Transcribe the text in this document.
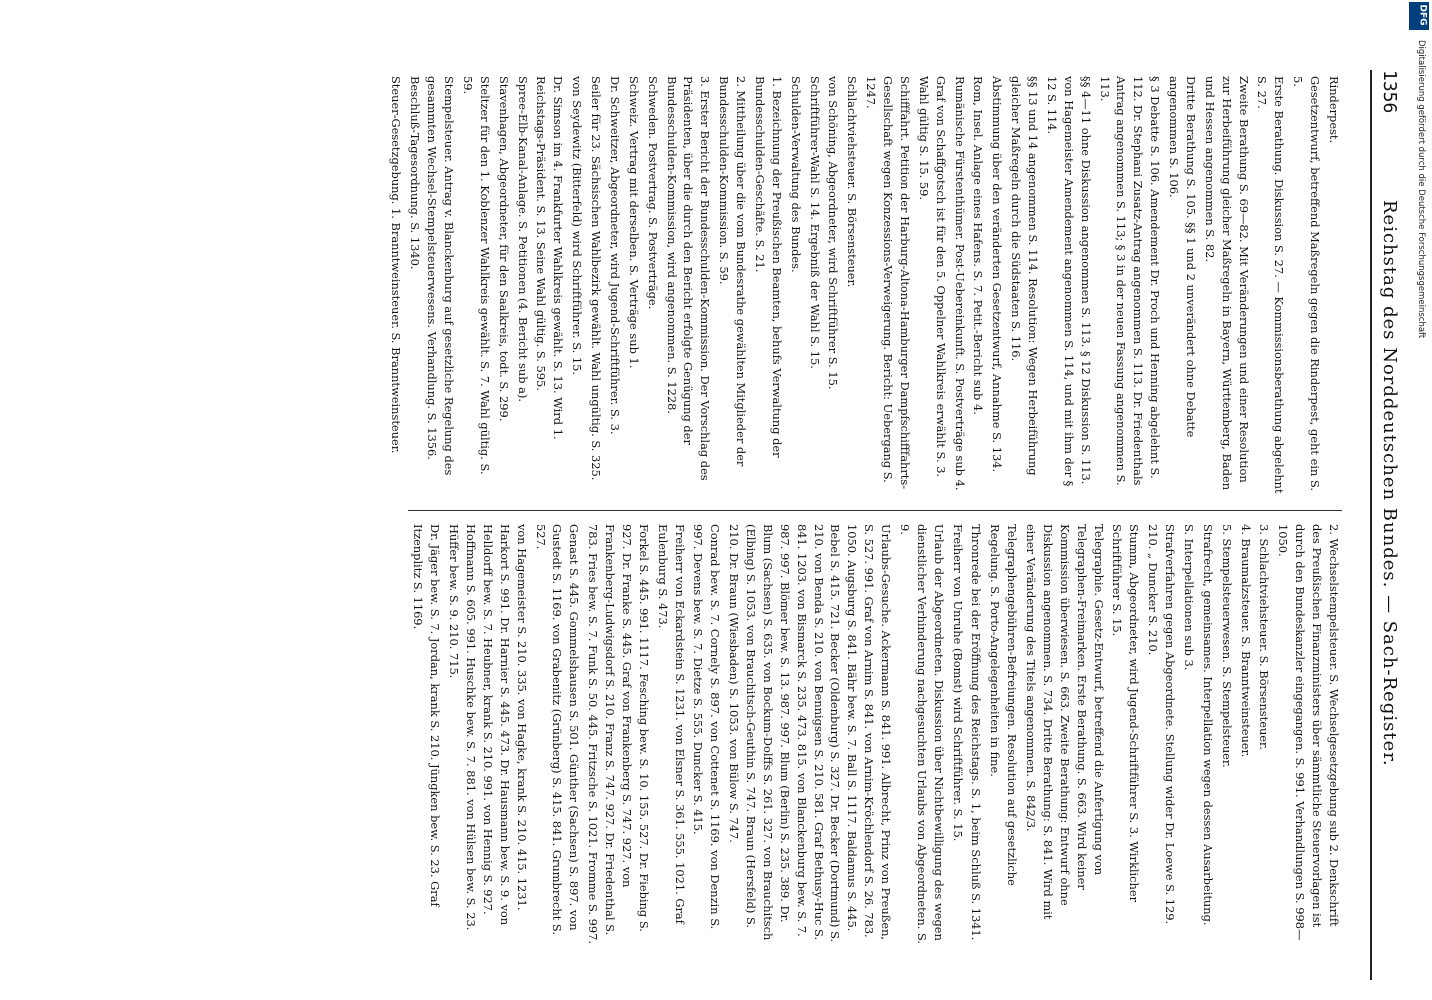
1356
Reichstag des Norddeutschen Bundes. — Sach-Register.
Rinderpest.
Gesetzentwurf, betreffend Maßregeln gegen die Rinderpest, geht ein S. 5.
Erste Berathung. Diskussion S. 27. — Kommissionsberathung abgelehnt S. 27.
Zweite Berathung S. 69—82. Mit Veränderungen und einer Resolution zur Herbeiführung gleicher Maßregeln in Bayern, Württemberg, Baden und Hessen angenommen S. 82.
Dritte Berathung S. 105. §§ 1 und 2 unverändert ohne Debatte angenommen S. 106.
§ 3 Debatte S. 106. Amendement Dr. Proch und Henning abgelehnt S. 112. Dr. Stephani Zusatz-Antrag angenommen S. 113. Dr. Friedenthals Antrag angenommen S. 113; § 3 in der neuen Fassung angenommen S. 113.
§§ 4—11 ohne Diskussion angenommen S. 113. § 12 Diskussion S. 113. von Hagemeister Amendement angenommen S. 114, und mit ihm der § 12 S. 114.
§§ 13 und 14 angenommen S. 114. Resolution: Wegen Herbeiführung gleicher Maßregeln durch die Südstaaten S. 116.
Abstimmung über den veränderten Gesetzentwurf, Annahme S. 134.
Rom, Insel. Anlage eines Hafens. S. 7. Petit.-Bericht sub 4.
Rumänische Fürstenthümer. Post-Uebereinkunft. S. Postverträge sub 4.
Graf von Schaffgotsch ist für den 5. Oppelner Wahlkreis erwählt S. 3. Wahl gültig S. 15. 59.
Schifffahrt. Petition der Harburg-Altona-Hamburger Dampfschifffahrts-Gesellschaft wegen Konzessions-Verweigerung. Bericht: Uebergang S. 1247.
Schlachtviehsteuer. S. Börsensteuer.
von Schöning, Abgeordneter, wird Schriftführer S. 15.
Schriftführer-Wahl S. 14. Ergebniß der Wahl S. 15.
Schulden-Verwaltung des Bundes.
1. Bezeichnung der Preußischen Beamten, behufs Verwaltung der Bundesschulden-Geschäfte. S. 21.
2. Mittheilung über die vom Bundesrathe gewählten Mitglieder der Bundesschulden-Kommission. S. 59.
3. Erster Bericht der Bundesschulden-Kommission. Der Vorschlag des Präsidenten, über die durch den Bericht erfolgte Genügung der Bundesschulden-Kommission, wird angenommen. S. 1228.
Schweden. Postvertrag. S. Postverträge.
Schweiz. Vertrag mit derselben. S. Verträge sub 1.
Dr. Schweitzer, Abgeordneter, wird Jugend-Schriftführer. S. 3.
Seiler für 23. Sächsischen Wahlbezirk gewählt. Wahl ungültig. S. 325.
von Seydewitz (Bitterfeld) wird Schriftführer. S. 15.
Dr. Simson im 4. Frankfurter Wahlkreis gewählt. S. 13. Wird 1. Reichstags-Präsident. S. 13. Seine Wahl gültig. S. 595.
Spree-Elb-Kanal-Anlage. S. Petitionen (4. Bericht sub a).
Stavenhagen, Abgeordneter, für den Saalkreis, todt. S. 299.
Steltzer für den 1. Koblenzer Wahlkreis gewählt. S. 7. Wahl gültig. S. 59.
Stempelsteuer. Antrag v. Blanckenburg auf gesetzliche Regelung des gesammten Wechsel-Stempelsteuerwesens. Verhandlung. S. 1356. Beschluß-Tagesordnung. S. 1340.
Steuer-Gesetzgebung. 1. Branntweinsteuer. S. Branntweinsteuer.
2. Wechselstempelsteuer. S. Wechselgesetzgebung sub 2. Denkschrift des Preußischen Finanzministers über sämmtliche Steuervorlagen ist durch den Bundeskanzler eingegangen. S. 991. Verhandlungen S. 998—1050.
3. Schlachtviehsteuer. S. Börsensteuer.
4. Braumalzsteuer. S. Branntweinsteuer.
5. Stempelsteuerwesen. S. Stempelsteuer.
Strafrecht, gemeinsames. Interpellation wegen dessen Ausarbeitung.
S. Interpellationen sub 3.
Strafverfahren gegen Abgeordnete. Stellung wider Dr. Loewe S. 129. 210. „ Duncker S. 210.
Stumm, Abgeordneter, wird Jugend-Schriftführer S. 3. Wirklicher Schriftführer S. 15.
Telegraphie. Gesetz-Entwurf, betreffend die Anfertigung von Telegraphen-Freimarken. Erste Berathung. S. 663. Wird keiner Kommission überwiesen. S. 663. Zweite Berathung: Entwurf ohne Diskussion angenommen. S. 734. Dritte Berathung: S. 841. Wird mit einer Veränderung des Titels angenommen. S. 842/3.
Telegraphengebühren-Befreiungen. Resolution auf gesetzliche Regelung. S. Porto-Angelegenheiten in fine.
Thronrede bei der Eröffnung des Reichstags. S. 1, beim Schluß S. 1341.
Freiherr von Unruhe (Bomst) wird Schriftführer. S. 15.
Urlaub der Abgeordneten. Diskussion über Nichtbewilligung des wegen dienstlicher Verhinderung nachgesuchten Urlaubs von Abgeordneten. S. 9.
Urlaubs-Gesuche. Ackermann S. 841. 991. Albrecht, Prinz von Preußen, S. 527. 991. Graf von Arnim S. 841. von Arnim-Kröchlendorf S. 26. 783. 1050. Augsburg S. 841. Bähr bew. S. 7. Ball S. 1117. Baldamus S. 445. Bebel S. 415. 721. Becker (Oldenburg) S. 327. Dr. Becker (Dortmund) S. 210. von Benda S. 210. von Bennigsen S. 210. 581. Graf Bethusy-Huc S. 841. 1203. von Bismarck S. 235. 473. 815. von Blanckenburg bew. S. 7. 987. 997. Blömer bew. S. 13. 987. 997. Blum (Berlin) S. 235. 389. Dr. Blum (Sachsen) S. 635. von Bockum-Dolffs S. 261. 327. von Brauchitsch (Elbing) S. 1053. von Brauchitsch-Geuthin S. 747. Braun (Hersfeld) S. 210. Dr. Braun (Wiesbaden) S. 1053. von Bülow S. 747.
Conrad bew. S. 7. Cornely S. 897. von Cottenet S. 1169. von Denzin S. 997. Devens bew. S. 7. Dietze S. 555. Duncker S. 415.
Freiherr von Eckardstein S. 1231. von Elsner S. 361. 555. 1021. Graf Eulenburg S. 473.
Forkel S. 445. 991. 1117. Fesching bew. S. 10. 155. 527. Dr. Fiebing S. 927. Dr. Franke S. 445. Graf von Frankenberg S. 747. 927. von Frankenberg-Ludwigsdorf S. 210. Franz S. 747. 927. Dr. Friedenthal S. 783. Fries bew. S. 7. Funk S. 50. 445. Fritzsche S. 1021. Fromme S. 997.
Genast S. 445. Gommelshausen S. 501. Günther (Sachsen) S. 897. von Gustedt S. 1169. von Grabenitz (Grünberg) S. 415. 841. Grumbrecht S. 527.
von Hagemeister S. 210. 335. von Hagke, krank S. 210. 415. 1231. Harkort S. 991. Dr. Harnier S. 445. 473. Dr. Hausmann bew. S. 9. von Helldorff bew. S. 7. Heubner, krank S. 210. 991. von Hennig S. 927. Hoffmann S. 605. 991. Huschke bew. S. 7. 881. von Hülsen bew. S. 23. Hüffer bew. S. 9. 210. 715.
Dr. Jäger bew. S. 7. Jordan, krank S. 210. Jüngken bew. S. 23. Graf Itzenplitz S. 1169.
DFG
Digitalisierung gefördert durch die Deutsche Forschungsgemeinschaft
